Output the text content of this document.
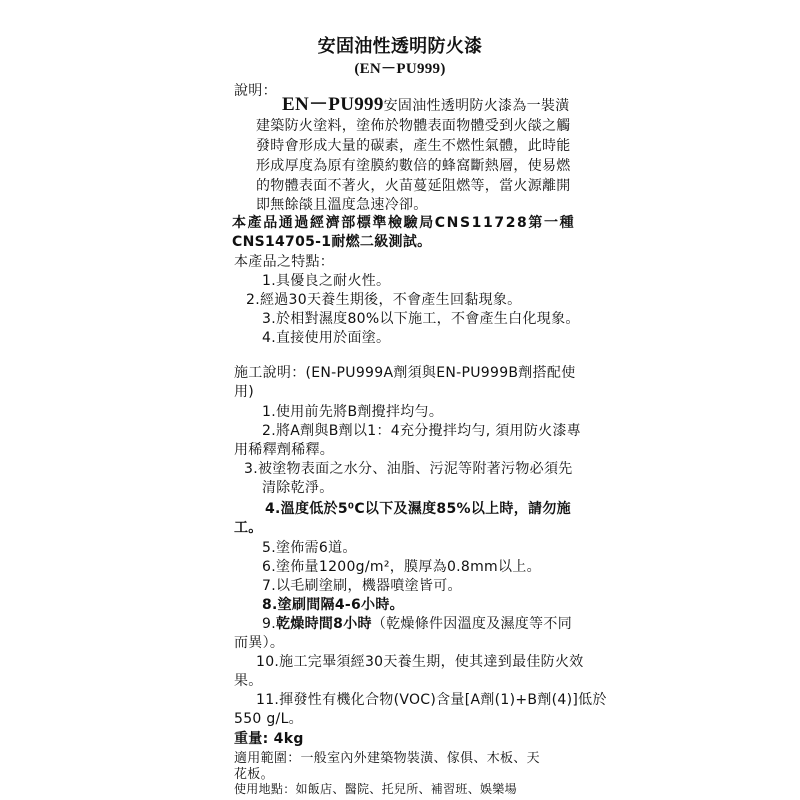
安固油性透明防火漆
(EN－PU999)
說明：
EN－PU999安固油性透明防火漆為一裝潢
建築防火塗料，塗佈於物體表面物體受到火燄之觸
發時會形成大量的碳素，產生不燃性氣體，此時能
形成厚度為原有塗膜約數倍的蜂窩斷熱層，使易燃
的物體表面不著火，火苗蔓延阻燃等，當火源離開
即無餘燄且溫度急速冷卻。
本產品通過經濟部標準檢驗局CNS11728第一種
CNS14705-1耐燃二級測試。
本產品之特點：
1.具優良之耐火性。
2.經過30天養生期後，不會產生回黏現象。
3.於相對濕度80%以下施工，不會產生白化現象。
4.直接使用於面塗。
施工說明：(EN-PU999A劑須與EN-PU999B劑搭配使
用)
1.使用前先將B劑攪拌均勻。
2.將A劑與B劑以1：4充分攪拌均勻, 須用防火漆專
用稀釋劑稀釋。
3.被塗物表面之水分、油脂、污泥等附著污物必須先
清除乾淨。
4.溫度低於5⁰C以下及濕度85%以上時，請勿施
工。
5.塗佈需6道。
6.塗佈量1200g/m²，膜厚為0.8mm以上。
7.以毛刷塗刷，機器噴塗皆可。
8.塗刷間隔4-6小時。
9.乾燥時間8小時（乾燥條件因溫度及濕度等不同
而異）。
10.施工完畢須經30天養生期，使其達到最佳防火效
果。
11.揮發性有機化合物(VOC)含量[A劑(1)+B劑(4)]低於
550 g/L。
重量: 4kg
適用範圍：一般室內外建築物裝潢、傢俱、木板、天
花板。
使用地點：如飯店、醫院、托兒所、補習班、娛樂場
